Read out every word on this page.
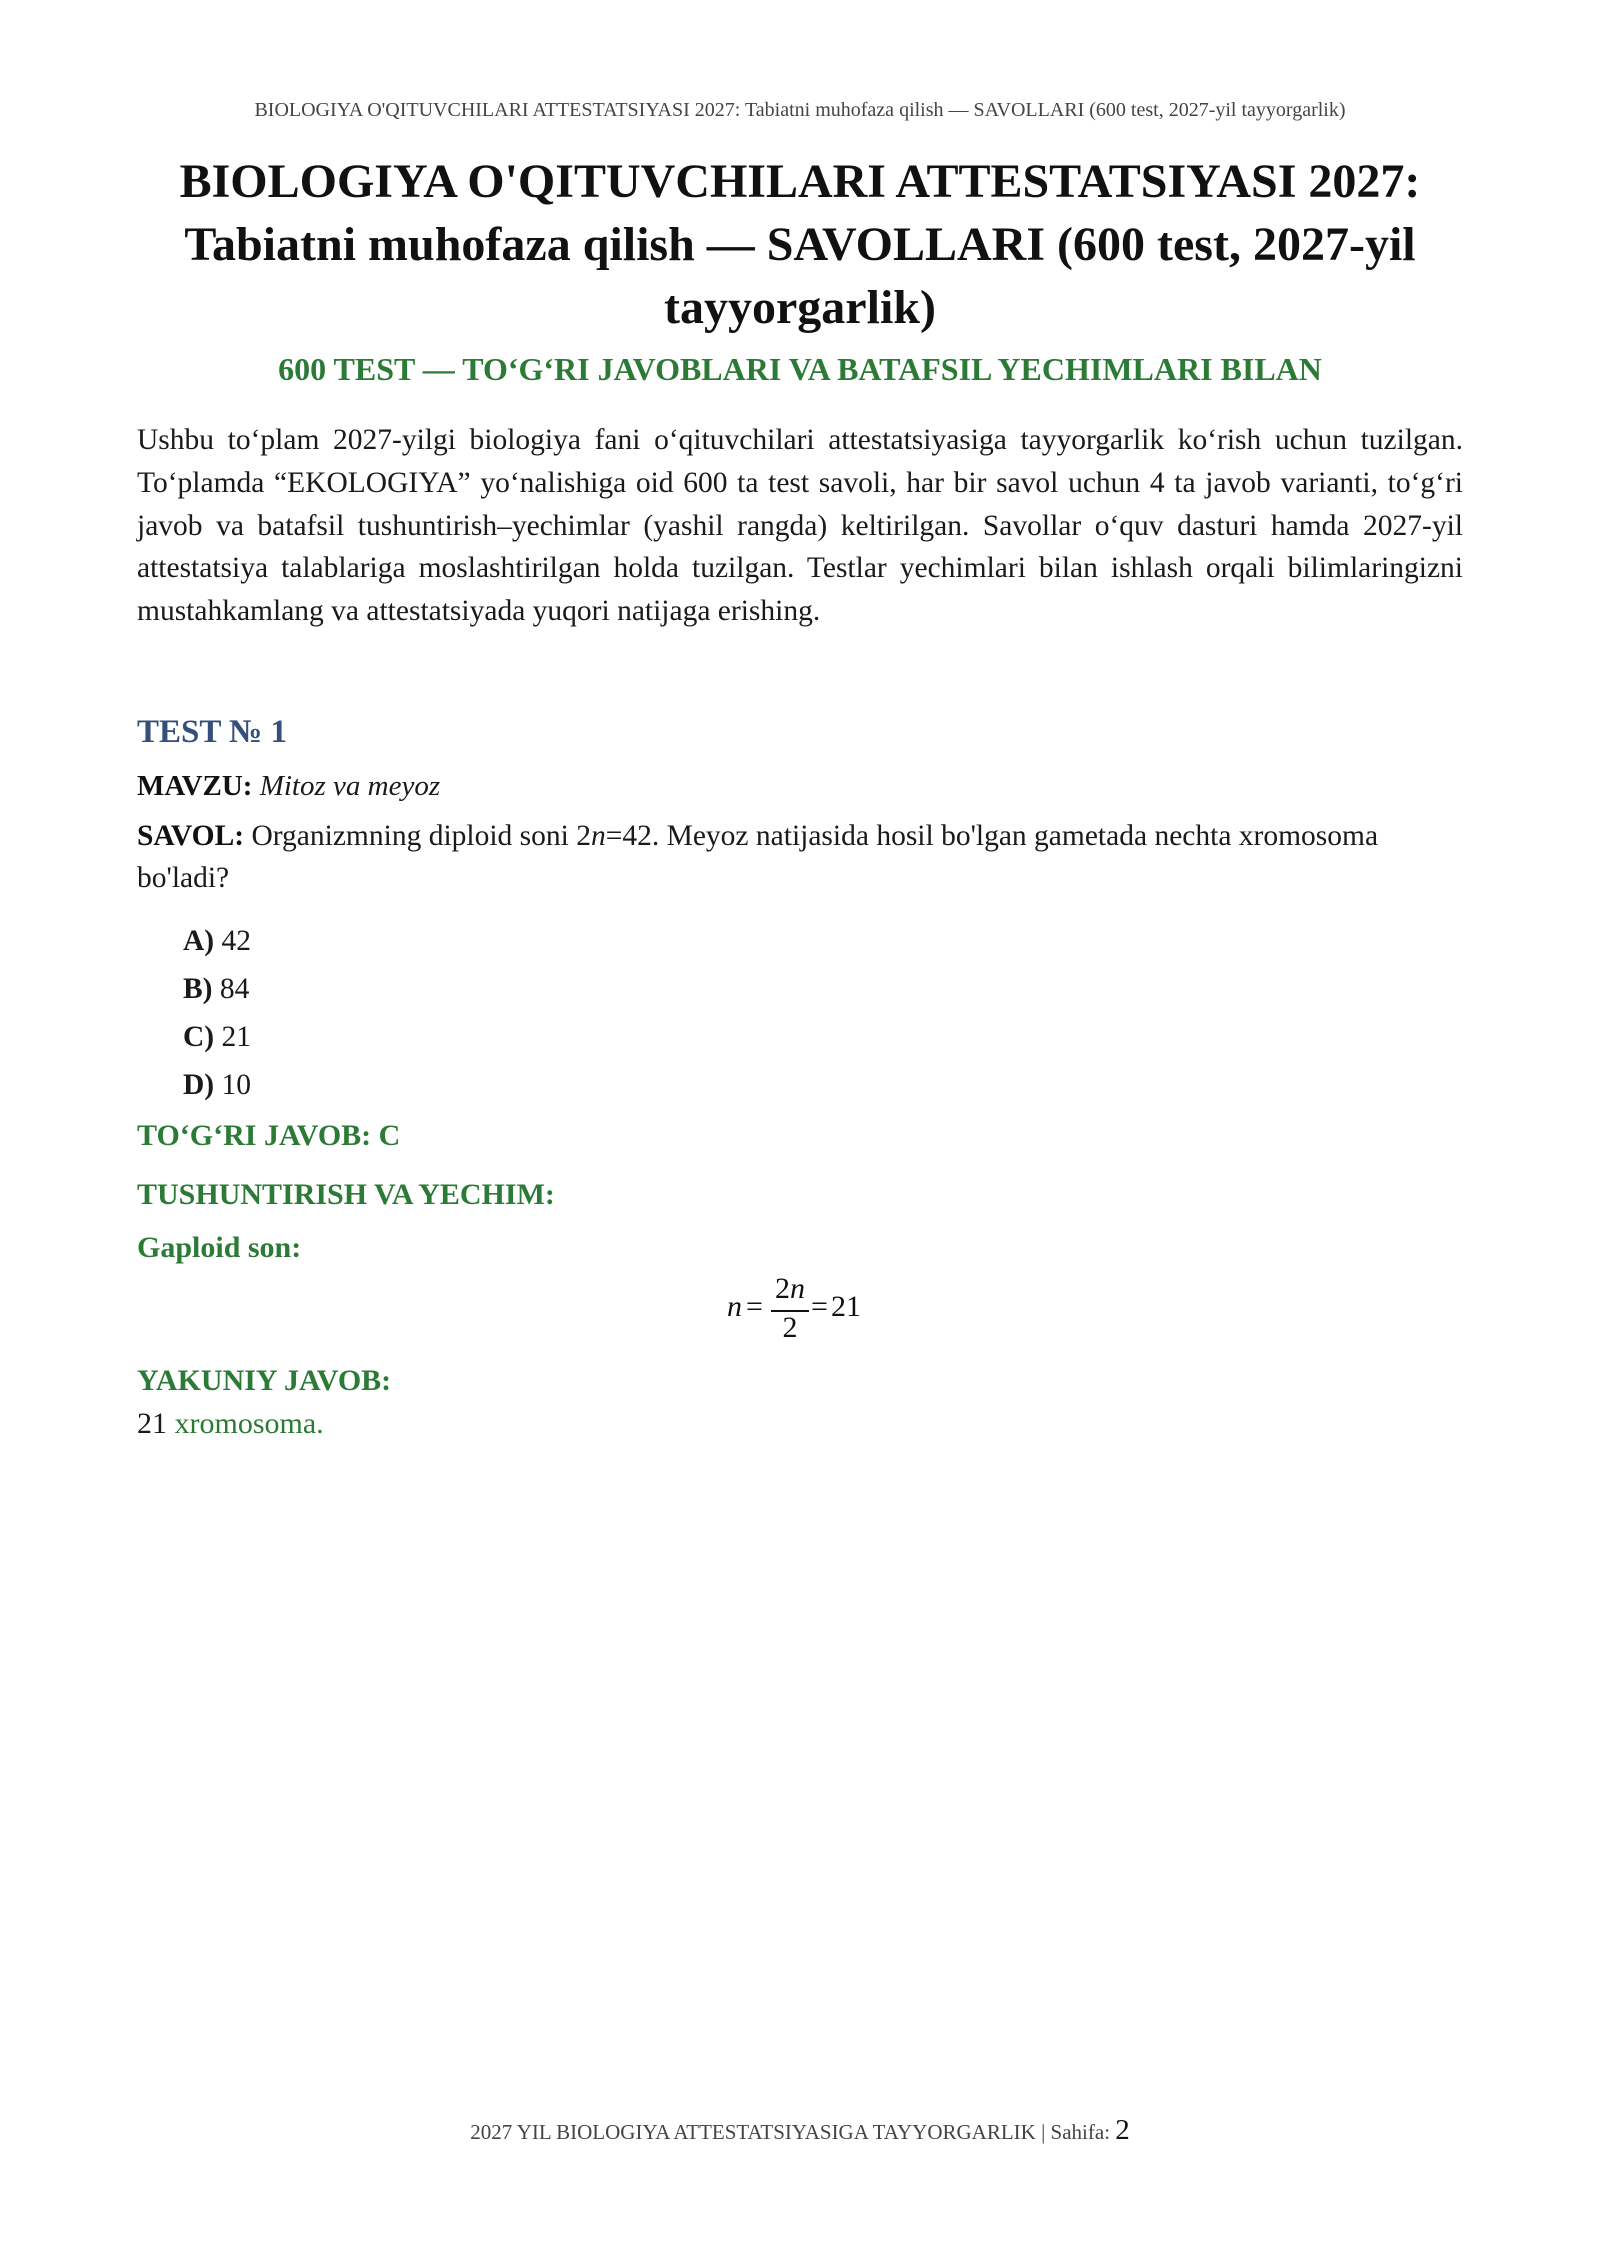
BIOLOGIYA O'QITUVCHILARI ATTESTATSIYASI 2027: Tabiatni muhofaza qilish — SAVOLLARI (600 test, 2027-yil tayyorgarlik)
BIOLOGIYA O'QITUVCHILARI ATTESTATSIYASI 2027:
Tabiatni muhofaza qilish — SAVOLLARI (600 test, 2027-yil
tayyorgarlik)
600 TEST — TO‘G‘RI JAVOBLARI VA BATAFSIL YECHIMLARI BILAN
Ushbu to‘plam 2027-yilgi biologiya fani o‘qituvchilari attestatsiyasiga tayyorgarlik ko‘rish uchun tuzilgan. To‘plamda “EKOLOGIYA” yo‘nalishiga oid 600 ta test savoli, har bir savol uchun 4 ta javob varianti, to‘g‘ri javob va batafsil tushuntirish–yechimlar (yashil rangda) keltirilgan. Savollar o‘quv dasturi hamda 2027-yil attestatsiya talablariga moslashtirilgan holda tuzilgan. Testlar yechimlari bilan ishlash orqali bilimlaringizni mustahkamlang va attestatsiyada yuqori natijaga erishing.
TEST № 1
MAVZU: Mitoz va meyoz
SAVOL: Organizmning diploid soni 2n=42. Meyoz natijasida hosil bo'lgan gametada nechta xromosoma bo'ladi?
A) 42
B) 84
C) 21
D) 10
TO‘G‘RI JAVOB: C
TUSHUNTIRISH VA YECHIM:
Gaploid son:
n =
2n
2
= 21
YAKUNIY JAVOB:
21 xromosoma.
2027 YIL BIOLOGIYA ATTESTATSIYASIGA TAYYORGARLIK | Sahifa: 2
